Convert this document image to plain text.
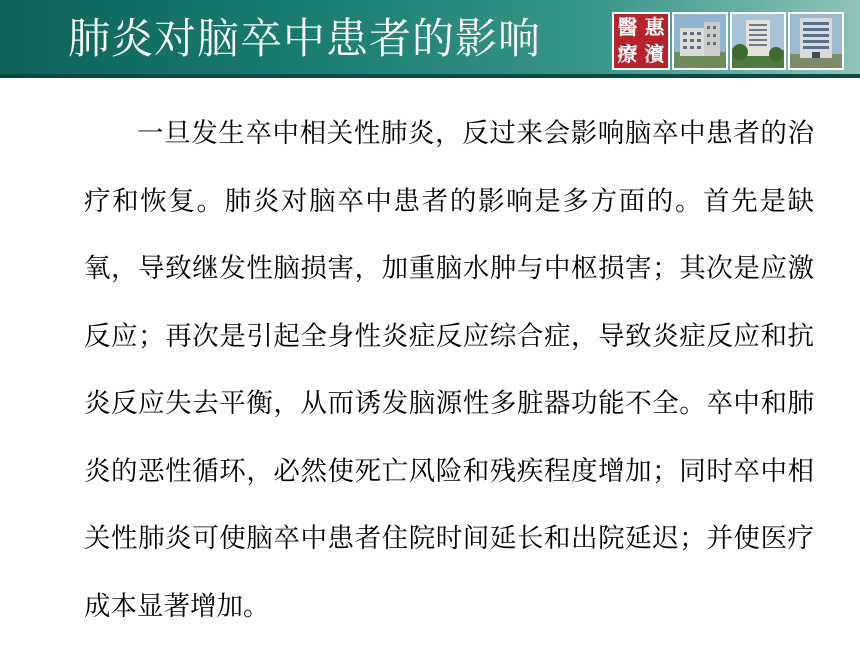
肺炎对脑卒中患者的影响	醫 惠
療 濱

一旦发生卒中相关性肺炎，反过来会影响脑卒中患者的治疗和恢复。肺炎对脑卒中患者的影响是多方面的。首先是缺氧，导致继发性脑损害，加重脑水肿与中枢损害；其次是应激反应；再次是引起全身性炎症反应综合症，导致炎症反应和抗炎反应失去平衡，从而诱发脑源性多脏器功能不全。卒中和肺炎的恶性循环，必然使死亡风险和残疾程度增加；同时卒中相关性肺炎可使脑卒中患者住院时间延长和出院延迟；并使医疗成本显著增加。
